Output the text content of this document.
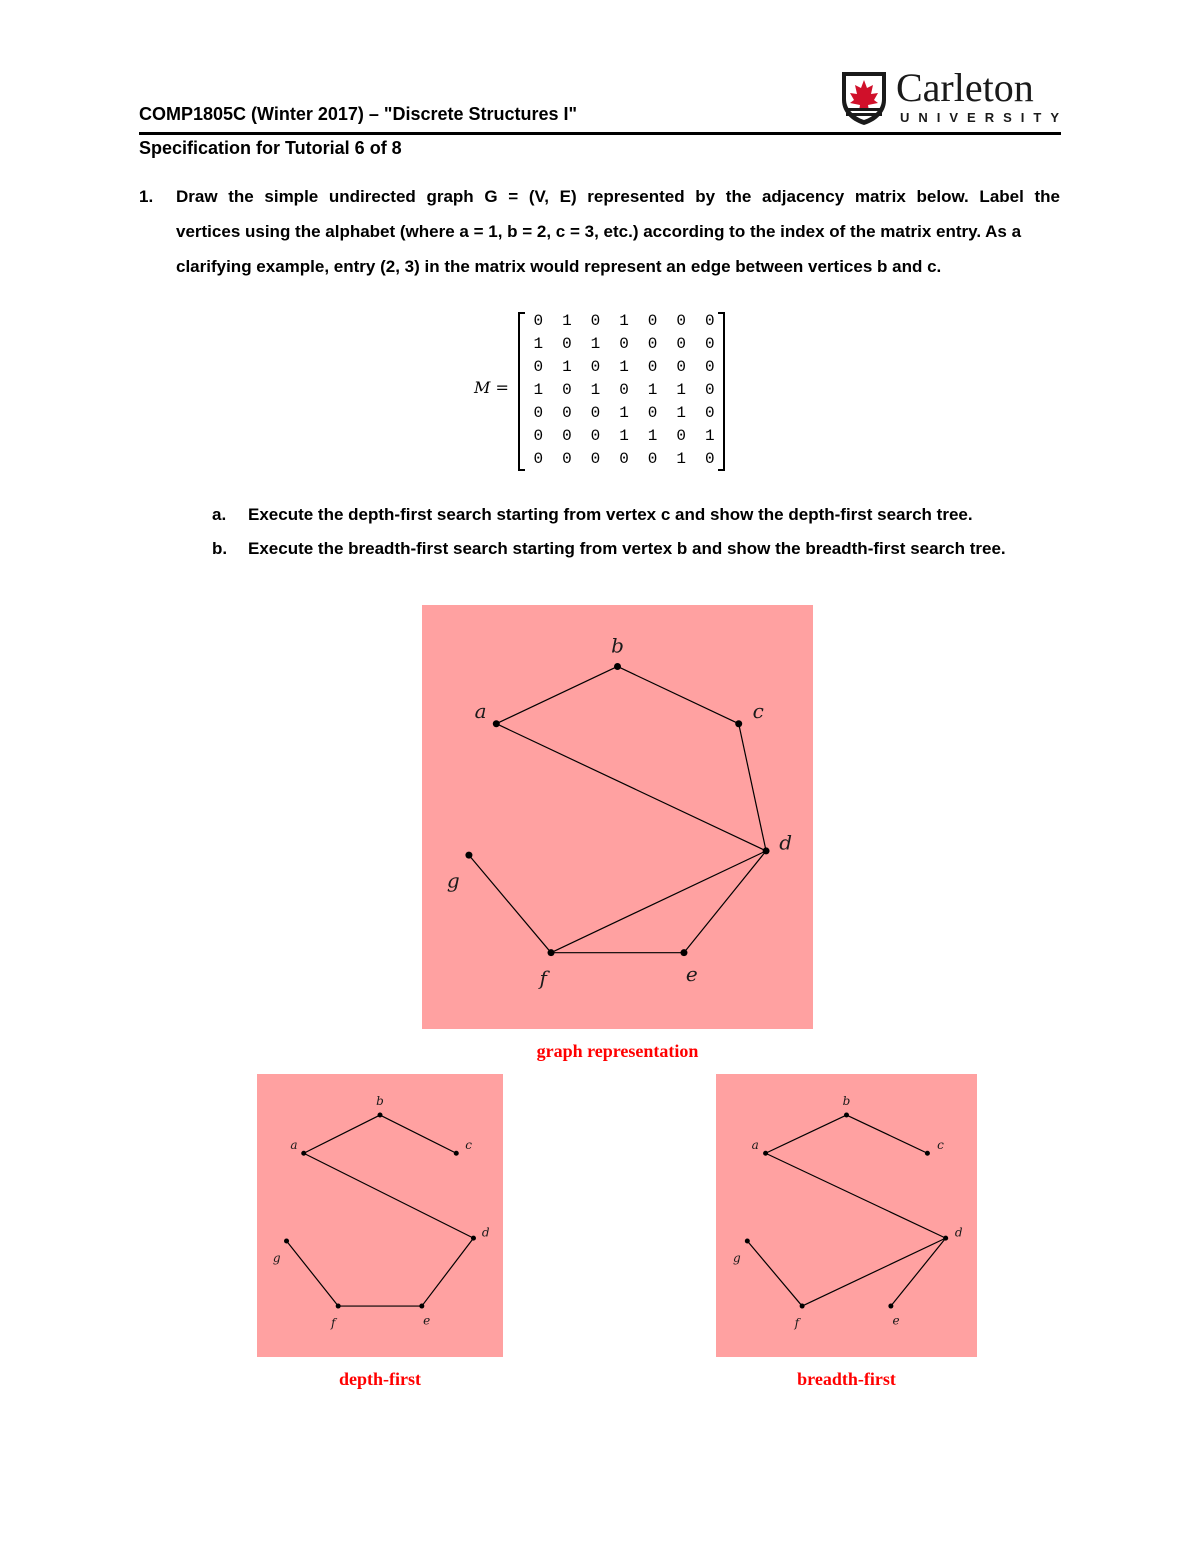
COMP1805C (Winter 2017) – "Discrete Structures I"
Specification for Tutorial 6 of 8
Carleton
UNIVERSITY
1. Draw the simple undirected graph G = (V, E) represented by the adjacency matrix below. Label the
vertices using the alphabet (where a = 1, b = 2, c = 3, etc.) according to the index of the matrix entry. As a
clarifying example, entry (2, 3) in the matrix would represent an edge between vertices b and c.
M =
0	1	0	1	0	0	0
1	0	1	0	0	0	0
0	1	0	1	0	0	0
1	0	1	0	1	1	0
0	0	0	1	0	1	0
0	0	0	1	1	0	1
0	0	0	0	0	1	0
a. Execute the depth-first search starting from vertex c and show the depth-first search tree.
b. Execute the breadth-first search starting from vertex b and show the breadth-first search tree.
a
b
c
d
e
f
g
graph representation
a
b
c
d
e
f
g
depth-first
a
b
c
d
e
f
g
breadth-first
